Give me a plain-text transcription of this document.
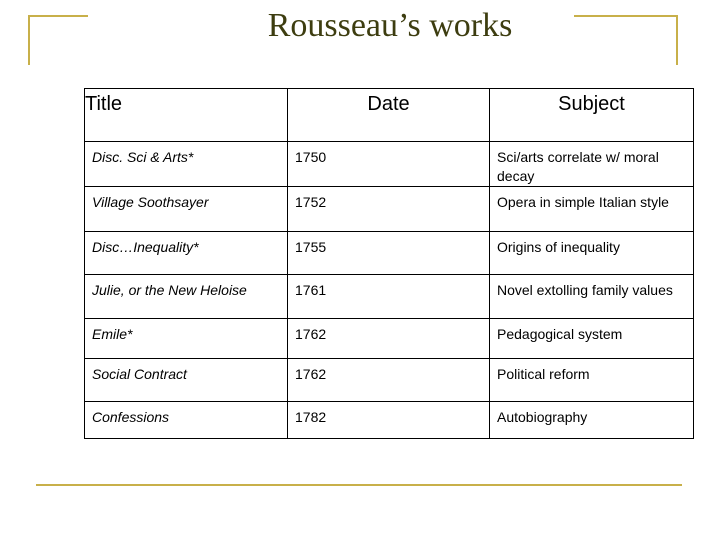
Rousseau’s works
Title	Date	Subject
Disc. Sci & Arts*	1750	Sci/arts correlate w/ moral decay
Village Soothsayer	1752	Opera in simple Italian style
Disc…Inequality*	1755	Origins of inequality
Julie, or the New Heloise	1761	Novel extolling family values
Emile*	1762	Pedagogical system
Social Contract	1762	Political reform
Confessions	1782	Autobiography
